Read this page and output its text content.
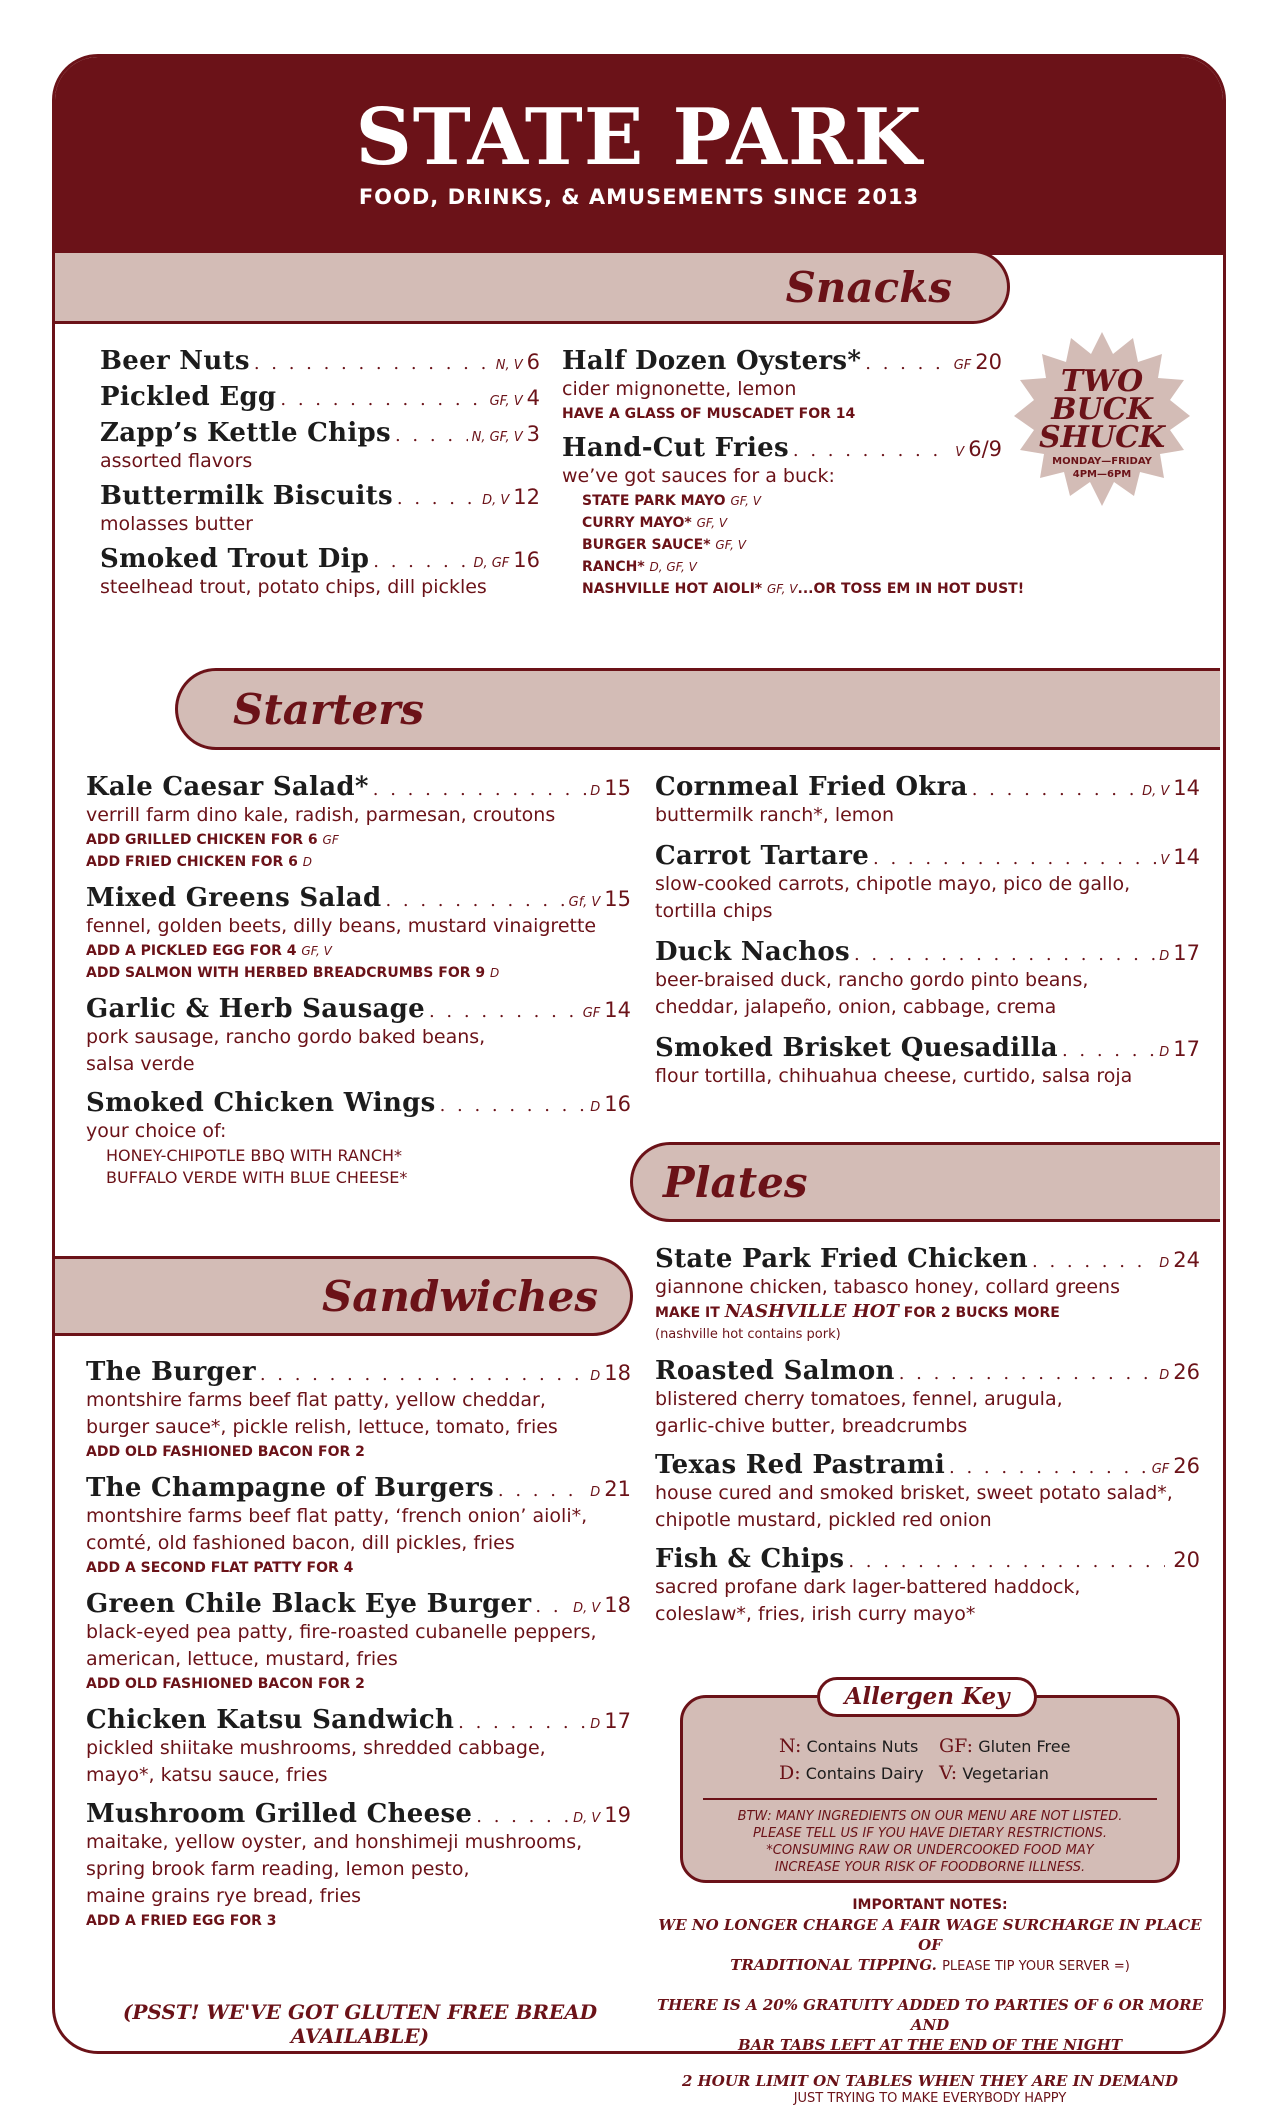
STATE PARK
FOOD, DRINKS, & AMUSEMENTS SINCE 2013
Snacks
Beer Nuts . . .	N, V 6
Pickled Egg . . .	GF, V 4
Zapp’s Kettle Chips . . .	N, GF, V 3
assorted flavors
Buttermilk Biscuits . . .	D, V 12
molasses butter
Smoked Trout Dip . . .	D, GF 16
steelhead trout, potato chips, dill pickles
Half Dozen Oysters* . . .	GF 20
cider mignonette, lemon
HAVE A GLASS OF MUSCADET FOR 14
Hand-Cut Fries . . .	V 6/9
we’ve got sauces for a buck:
STATE PARK MAYO GF, V
CURRY MAYO* GF, V
BURGER SAUCE* GF, V
RANCH* D, GF, V
NASHVILLE HOT AIOLI* GF, V...OR TOSS EM IN HOT DUST!
TWO
BUCK
SHUCK
MONDAY—FRIDAY
4PM—6PM
Starters
Kale Caesar Salad* . . .	D 15
verrill farm dino kale, radish, parmesan, croutons
ADD GRILLED CHICKEN FOR 6 GF
ADD FRIED CHICKEN FOR 6 D
Mixed Greens Salad . . .	Gf, V 15
fennel, golden beets, dilly beans, mustard vinaigrette
ADD A PICKLED EGG FOR 4 GF, V
ADD SALMON WITH HERBED BREADCRUMBS FOR 9 D
Garlic & Herb Sausage . . .	GF 14
pork sausage, rancho gordo baked beans,
salsa verde
Smoked Chicken Wings . . .	D 16
your choice of:
HONEY-CHIPOTLE BBQ WITH RANCH*
BUFFALO VERDE WITH BLUE CHEESE*
Cornmeal Fried Okra . . .	D, V 14
buttermilk ranch*, lemon
Carrot Tartare . . .	V 14
slow-cooked carrots, chipotle mayo, pico de gallo,
tortilla chips
Duck Nachos . . .	D 17
beer-braised duck, rancho gordo pinto beans,
cheddar, jalapeño, onion, cabbage, crema
Smoked Brisket Quesadilla . . .	D 17
flour tortilla, chihuahua cheese, curtido, salsa roja
Plates
Sandwiches
The Burger . . .	D 18
montshire farms beef flat patty, yellow cheddar,
burger sauce*, pickle relish, lettuce, tomato, fries
ADD OLD FASHIONED BACON FOR 2
The Champagne of Burgers . . .	D 21
montshire farms beef flat patty, ‘french onion’ aioli*,
comté, old fashioned bacon, dill pickles, fries
ADD A SECOND FLAT PATTY FOR 4
Green Chile Black Eye Burger . . .	D, V 18
black-eyed pea patty, fire-roasted cubanelle peppers,
american, lettuce, mustard, fries
ADD OLD FASHIONED BACON FOR 2
Chicken Katsu Sandwich . . .	D 17
pickled shiitake mushrooms, shredded cabbage,
mayo*, katsu sauce, fries
Mushroom Grilled Cheese . . .	D, V 19
maitake, yellow oyster, and honshimeji mushrooms,
spring brook farm reading, lemon pesto,
maine grains rye bread, fries
ADD A FRIED EGG FOR 3
(PSST! WE'VE GOT GLUTEN FREE BREAD AVAILABLE)
State Park Fried Chicken . . .	D 24
giannone chicken, tabasco honey, collard greens
MAKE IT NASHVILLE HOT FOR 2 BUCKS MORE
(nashville hot contains pork)
Roasted Salmon . . .	D 26
blistered cherry tomatoes, fennel, arugula,
garlic-chive butter, breadcrumbs
Texas Red Pastrami . . .	GF 26
house cured and smoked brisket, sweet potato salad*,
chipotle mustard, pickled red onion
Fish & Chips . . .	20
sacred profane dark lager-battered haddock,
coleslaw*, fries, irish curry mayo*
N: Contains Nuts GF: Gluten Free D: Contains Dairy V: Vegetarian
BTW: MANY INGREDIENTS ON OUR MENU ARE NOT LISTED.
PLEASE TELL US IF YOU HAVE DIETARY RESTRICTIONS.
*CONSUMING RAW OR UNDERCOOKED FOOD MAY
INCREASE YOUR RISK OF FOODBORNE ILLNESS.
Allergen Key
IMPORTANT NOTES:
WE NO LONGER CHARGE A FAIR WAGE SURCHARGE IN PLACE OF
TRADITIONAL TIPPING. PLEASE TIP YOUR SERVER =)
THERE IS A 20% GRATUITY ADDED TO PARTIES OF 6 OR MORE AND
BAR TABS LEFT AT THE END OF THE NIGHT
2 HOUR LIMIT ON TABLES WHEN THEY ARE IN DEMAND
JUST TRYING TO MAKE EVERYBODY HAPPY
